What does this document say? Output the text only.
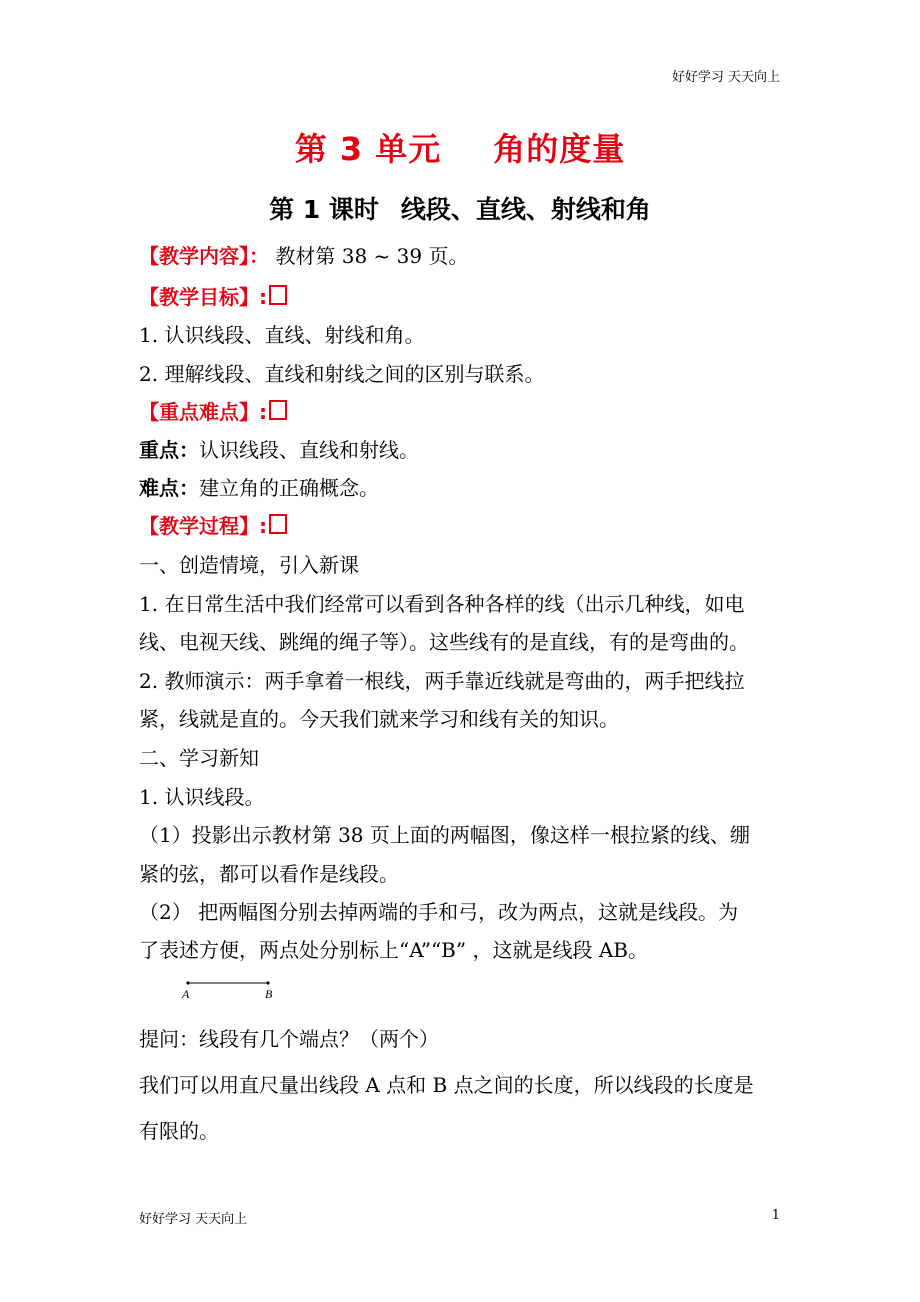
好好学习 天天向上
第 3 单元 角的度量
第 1 课时 线段、直线、射线和角
【教学内容】： 教材第 38 ~ 39 页。
【教学目标】:
1. 认识线段、直线、射线和角。
2. 理解线段、直线和射线之间的区别与联系。
【重点难点】:
重点：认识线段、直线和射线。
难点：建立角的正确概念。
【教学过程】:
一、创造情境，引入新课
1. 在日常生活中我们经常可以看到各种各样的线（出示几种线，如电
线、电视天线、跳绳的绳子等）。这些线有的是直线，有的是弯曲的。
2. 教师演示：两手拿着一根线，两手靠近线就是弯曲的，两手把线拉
紧，线就是直的。今天我们就来学习和线有关的知识。
二、学习新知
1. 认识线段。
（1）投影出示教材第 38 页上面的两幅图，像这样一根拉紧的线、绷
紧的弦，都可以看作是线段。
（2） 把两幅图分别去掉两端的手和弓，改为两点，这就是线段。为
了表述方便，两点处分别标上“A”“B” ，这就是线段 AB。
A	B
提问：线段有几个端点？（两个）
我们可以用直尺量出线段 A 点和 B 点之间的长度，所以线段的长度是
有限的。
好好学习 天天向上	1
